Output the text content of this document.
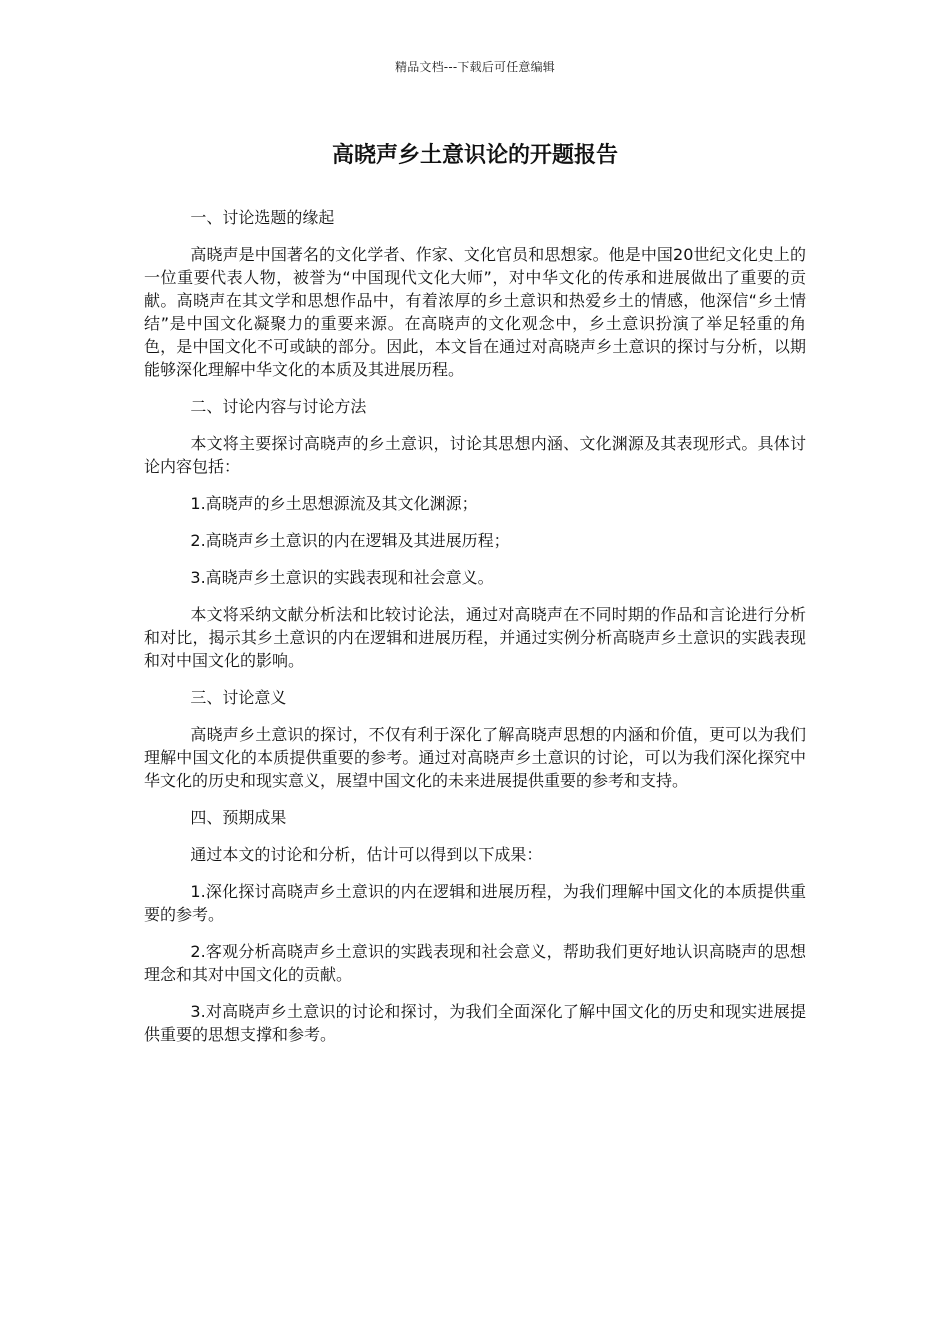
精品文档---下载后可任意编辑
高晓声乡土意识论的开题报告

一、讨论选题的缘起

高晓声是中国著名的文化学者、作家、文化官员和思想家。他是中国20世纪文化史上的一位重要代表人物，被誉为“中国现代文化大师”，对中华文化的传承和进展做出了重要的贡献。高晓声在其文学和思想作品中，有着浓厚的乡土意识和热爱乡土的情感，他深信“乡土情结”是中国文化凝聚力的重要来源。在高晓声的文化观念中，乡土意识扮演了举足轻重的角色，是中国文化不可或缺的部分。因此，本文旨在通过对高晓声乡土意识的探讨与分析，以期能够深化理解中华文化的本质及其进展历程。

二、讨论内容与讨论方法

本文将主要探讨高晓声的乡土意识，讨论其思想内涵、文化渊源及其表现形式。具体讨论内容包括：

1.高晓声的乡土思想源流及其文化渊源；

2.高晓声乡土意识的内在逻辑及其进展历程；

3.高晓声乡土意识的实践表现和社会意义。

本文将采纳文献分析法和比较讨论法，通过对高晓声在不同时期的作品和言论进行分析和对比，揭示其乡土意识的内在逻辑和进展历程，并通过实例分析高晓声乡土意识的实践表现和对中国文化的影响。

三、讨论意义

高晓声乡土意识的探讨，不仅有利于深化了解高晓声思想的内涵和价值，更可以为我们理解中国文化的本质提供重要的参考。通过对高晓声乡土意识的讨论，可以为我们深化探究中华文化的历史和现实意义，展望中国文化的未来进展提供重要的参考和支持。

四、预期成果

通过本文的讨论和分析，估计可以得到以下成果：

1.深化探讨高晓声乡土意识的内在逻辑和进展历程，为我们理解中国文化的本质提供重要的参考。

2.客观分析高晓声乡土意识的实践表现和社会意义，帮助我们更好地认识高晓声的思想理念和其对中国文化的贡献。

3.对高晓声乡土意识的讨论和探讨，为我们全面深化了解中国文化的历史和现实进展提供重要的思想支撑和参考。
